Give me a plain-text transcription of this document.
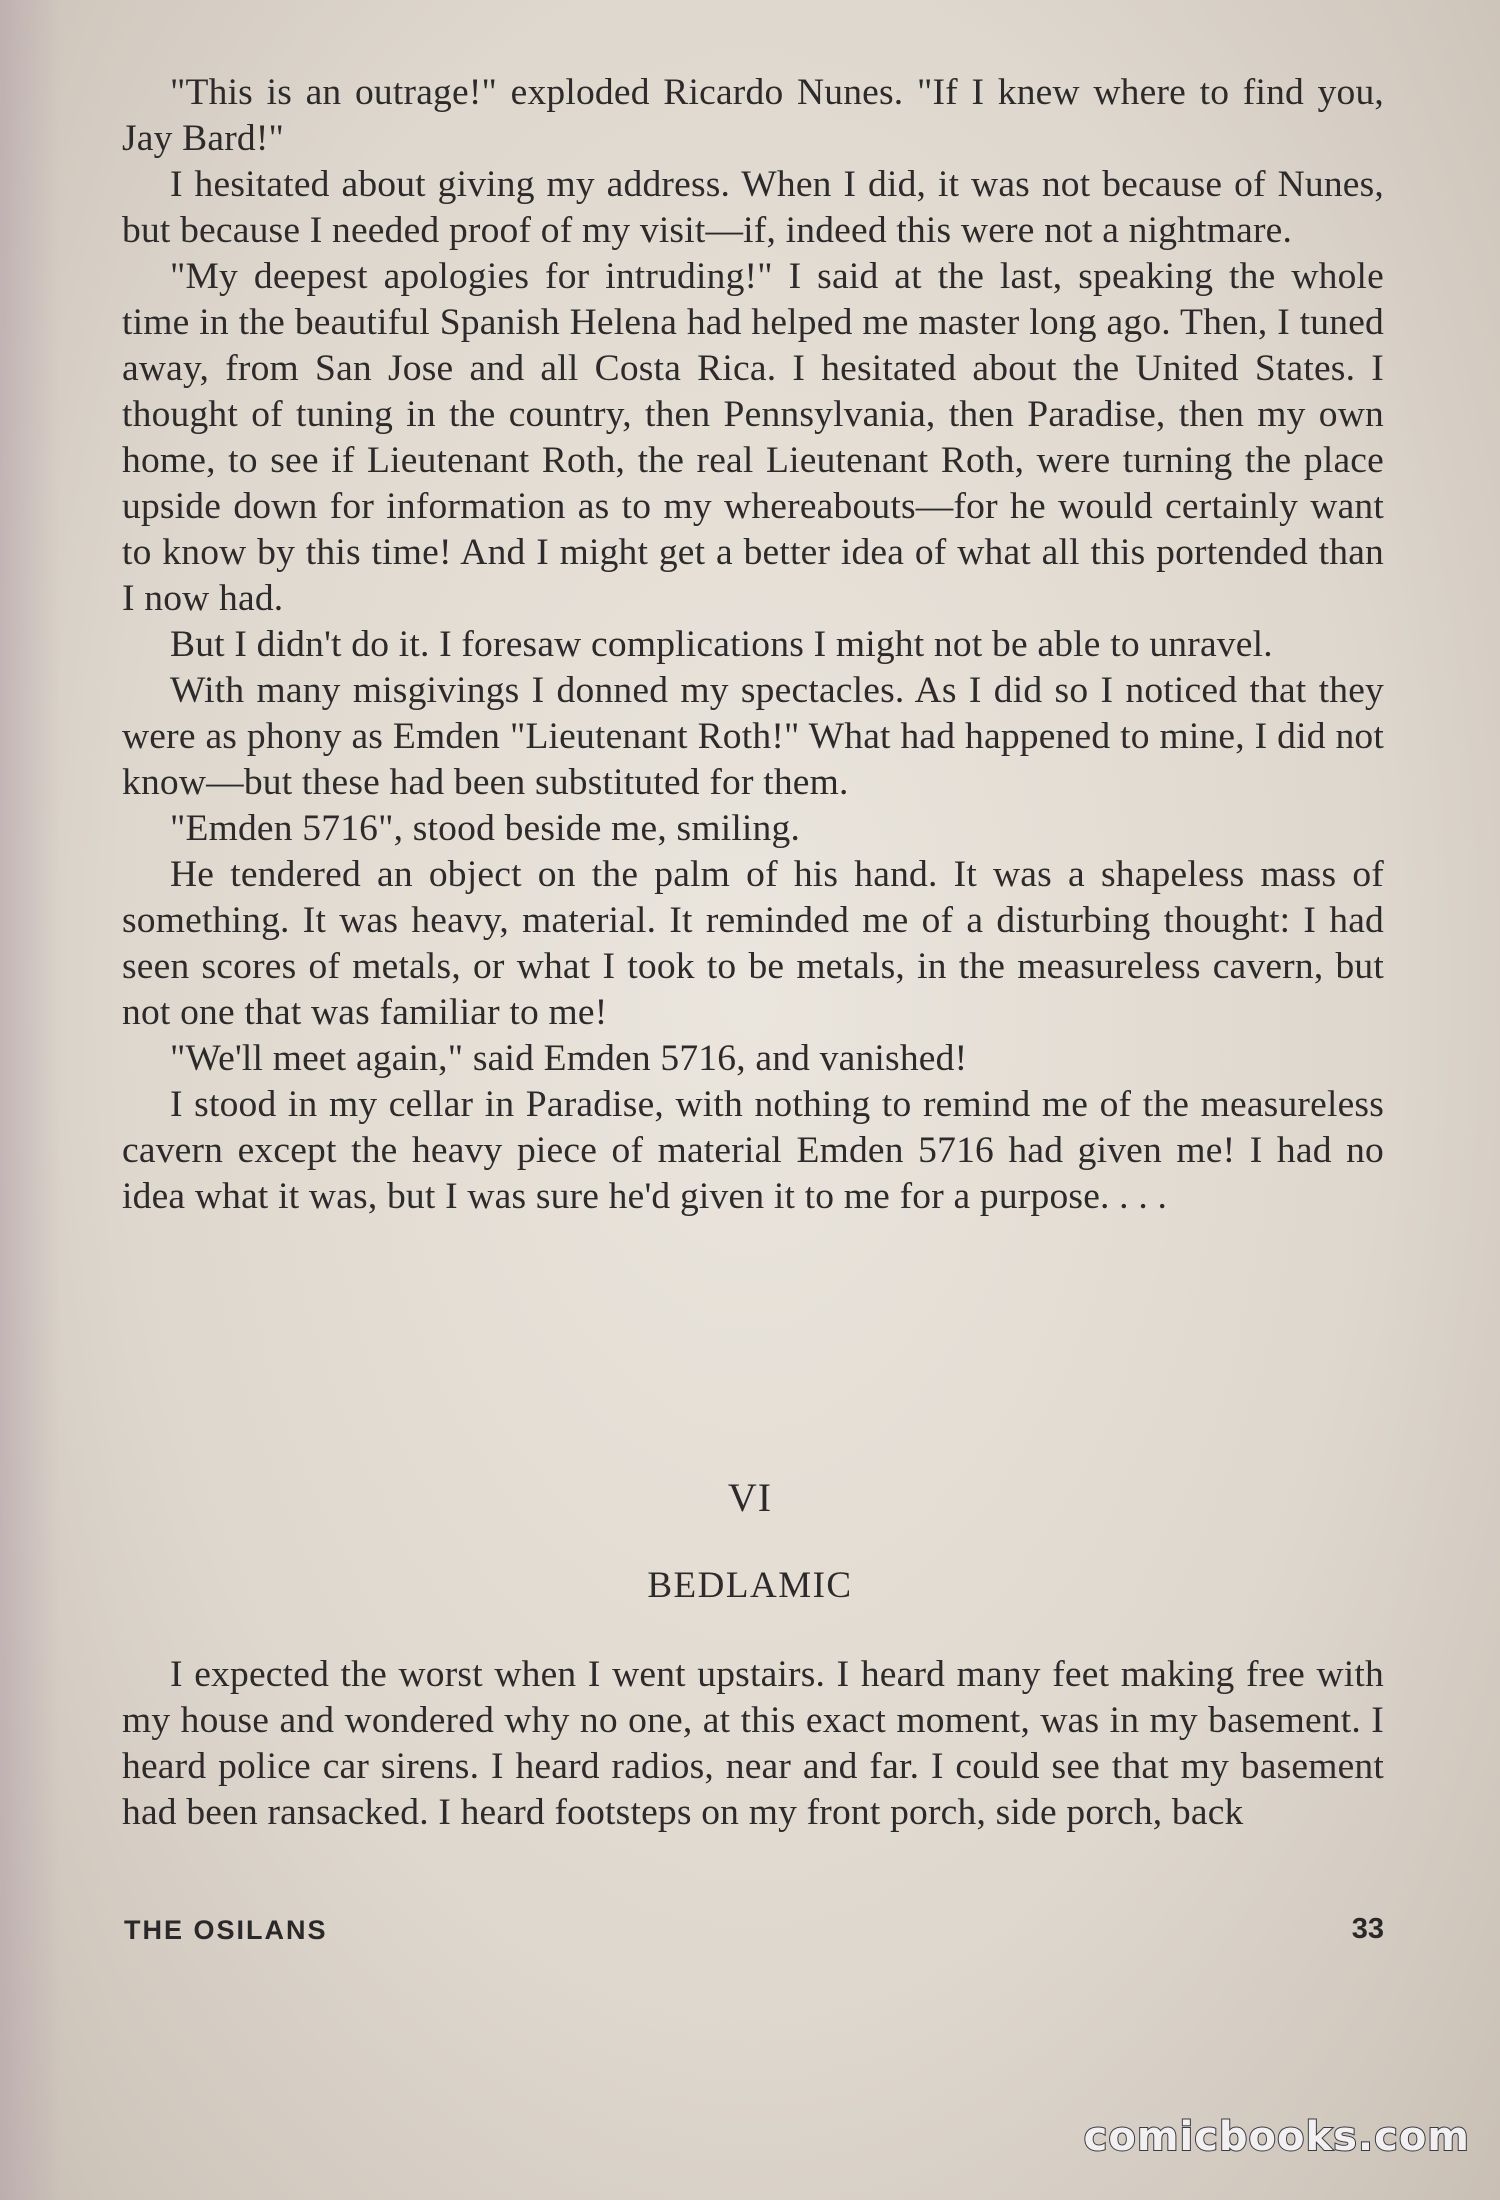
"This is an outrage!" exploded Ricardo Nunes. "If I knew where to find you, Jay Bard!"

I hesitated about giving my address. When I did, it was not because of Nunes, but because I needed proof of my visit—if, indeed this were not a nightmare.

"My deepest apologies for intruding!" I said at the last, speaking the whole time in the beautiful Spanish Helena had helped me master long ago. Then, I tuned away, from San Jose and all Costa Rica. I hesitated about the United States. I thought of tuning in the country, then Pennsylvania, then Paradise, then my own home, to see if Lieutenant Roth, the real Lieutenant Roth, were turning the place upside down for information as to my whereabouts—for he would certainly want to know by this time! And I might get a better idea of what all this portended than I now had.

But I didn't do it. I foresaw complications I might not be able to unravel.

With many misgivings I donned my spectacles. As I did so I noticed that they were as phony as Emden "Lieutenant Roth!" What had happened to mine, I did not know—but these had been substituted for them.

"Emden 5716", stood beside me, smiling.

He tendered an object on the palm of his hand. It was a shapeless mass of something. It was heavy, material. It reminded me of a disturbing thought: I had seen scores of metals, or what I took to be metals, in the measureless cavern, but not one that was familiar to me!

"We'll meet again," said Emden 5716, and vanished!

I stood in my cellar in Paradise, with nothing to remind me of the measureless cavern except the heavy piece of material Emden 5716 had given me! I had no idea what it was, but I was sure he'd given it to me for a purpose. . . .

VI
BEDLAMIC

I expected the worst when I went upstairs. I heard many feet making free with my house and wondered why no one, at this exact moment, was in my basement. I heard police car sirens. I heard radios, near and far. I could see that my basement had been ransacked. I heard footsteps on my front porch, side porch, back

THE OSILANS	33
comicbooks.com
